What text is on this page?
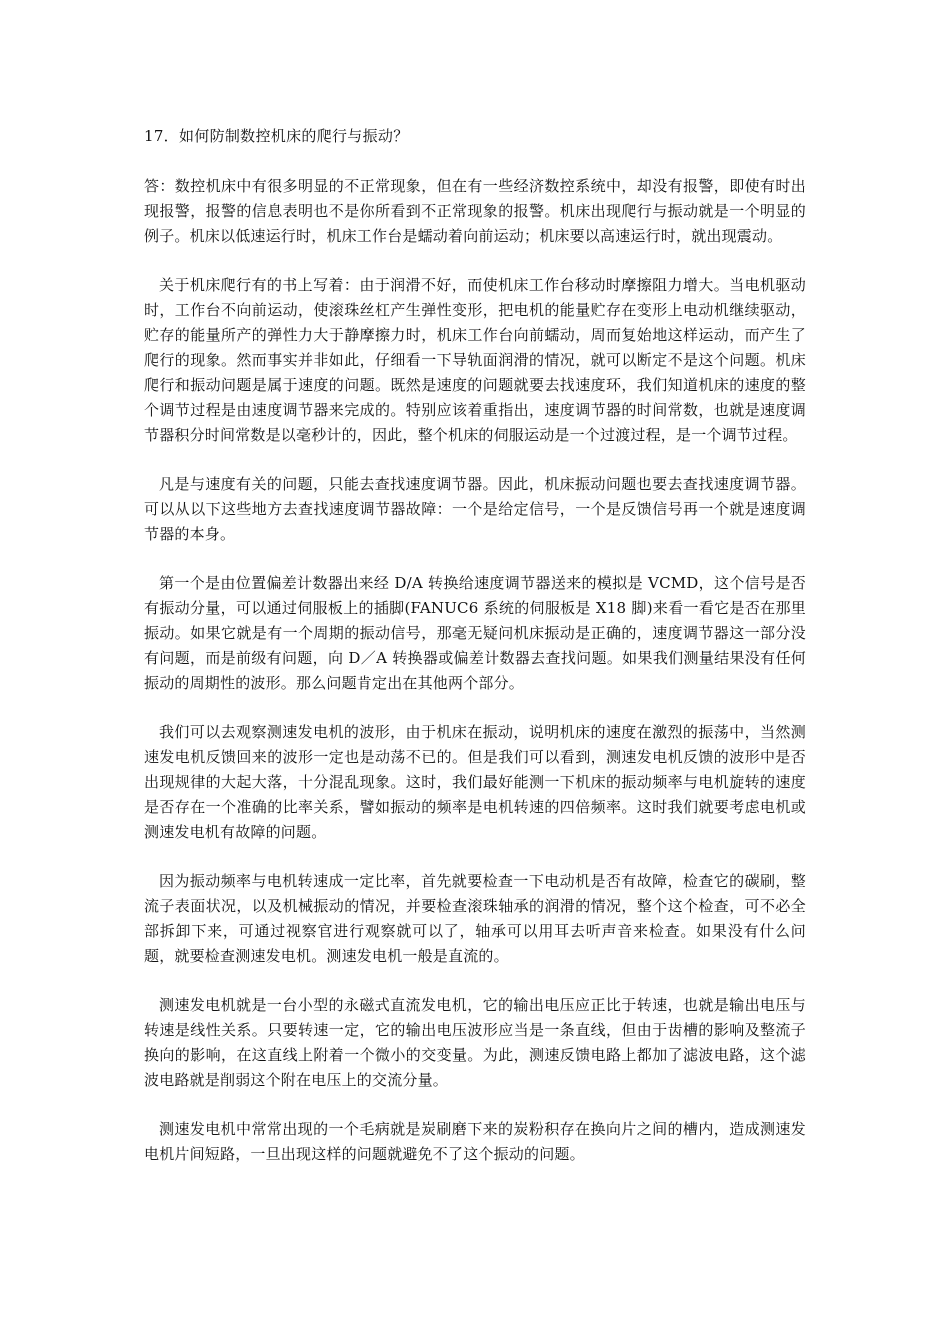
17．如何防制数控机床的爬行与振动？

答：数控机床中有很多明显的不正常现象，但在有一些经济数控系统中，却没有报警，即使有时出现报警，报警的信息表明也不是你所看到不正常现象的报警。机床出现爬行与振动就是一个明显的例子。机床以低速运行时，机床工作台是蠕动着向前运动；机床要以高速运行时，就出现震动。

关于机床爬行有的书上写着：由于润滑不好，而使机床工作台移动时摩擦阻力增大。当电机驱动时，工作台不向前运动，使滚珠丝杠产生弹性变形，把电机的能量贮存在变形上电动机继续驱动，贮存的能量所产的弹性力大于静摩擦力时，机床工作台向前蠕动，周而复始地这样运动，而产生了爬行的现象。然而事实并非如此，仔细看一下导轨面润滑的情况，就可以断定不是这个问题。机床爬行和振动问题是属于速度的问题。既然是速度的问题就要去找速度环，我们知道机床的速度的整个调节过程是由速度调节器来完成的。特别应该着重指出，速度调节器的时间常数，也就是速度调节器积分时间常数是以毫秒计的，因此，整个机床的伺服运动是一个过渡过程，是一个调节过程。

凡是与速度有关的问题，只能去查找速度调节器。因此，机床振动问题也要去查找速度调节器。可以从以下这些地方去查找速度调节器故障：一个是给定信号，一个是反馈信号再一个就是速度调节器的本身。

第一个是由位置偏差计数器出来经 D/A 转换给速度调节器送来的模拟是 VCMD，这个信号是否有振动分量，可以通过伺服板上的插脚(FANUC6 系统的伺服板是 X18 脚)来看一看它是否在那里振动。如果它就是有一个周期的振动信号，那毫无疑问机床振动是正确的，速度调节器这一部分没有问题，而是前级有问题，向 D／A 转换器或偏差计数器去查找问题。如果我们测量结果没有任何振动的周期性的波形。那么问题肯定出在其他两个部分。

我们可以去观察测速发电机的波形，由于机床在振动，说明机床的速度在激烈的振荡中，当然测速发电机反馈回来的波形一定也是动荡不已的。但是我们可以看到，测速发电机反馈的波形中是否出现规律的大起大落，十分混乱现象。这时，我们最好能测一下机床的振动频率与电机旋转的速度是否存在一个准确的比率关系，譬如振动的频率是电机转速的四倍频率。这时我们就要考虑电机或测速发电机有故障的问题。

因为振动频率与电机转速成一定比率，首先就要检查一下电动机是否有故障，检查它的碳刷，整流子表面状况，以及机械振动的情况，并要检查滚珠轴承的润滑的情况，整个这个检查，可不必全部拆卸下来，可通过视察官进行观察就可以了，轴承可以用耳去听声音来检查。如果没有什么问题，就要检查测速发电机。测速发电机一般是直流的。

测速发电机就是一台小型的永磁式直流发电机，它的输出电压应正比于转速，也就是输出电压与转速是线性关系。只要转速一定，它的输出电压波形应当是一条直线，但由于齿槽的影响及整流子换向的影响，在这直线上附着一个微小的交变量。为此，测速反馈电路上都加了滤波电路，这个滤波电路就是削弱这个附在电压上的交流分量。

测速发电机中常常出现的一个毛病就是炭刷磨下来的炭粉积存在换向片之间的槽内，造成测速发电机片间短路，一旦出现这样的问题就避免不了这个振动的问题。
